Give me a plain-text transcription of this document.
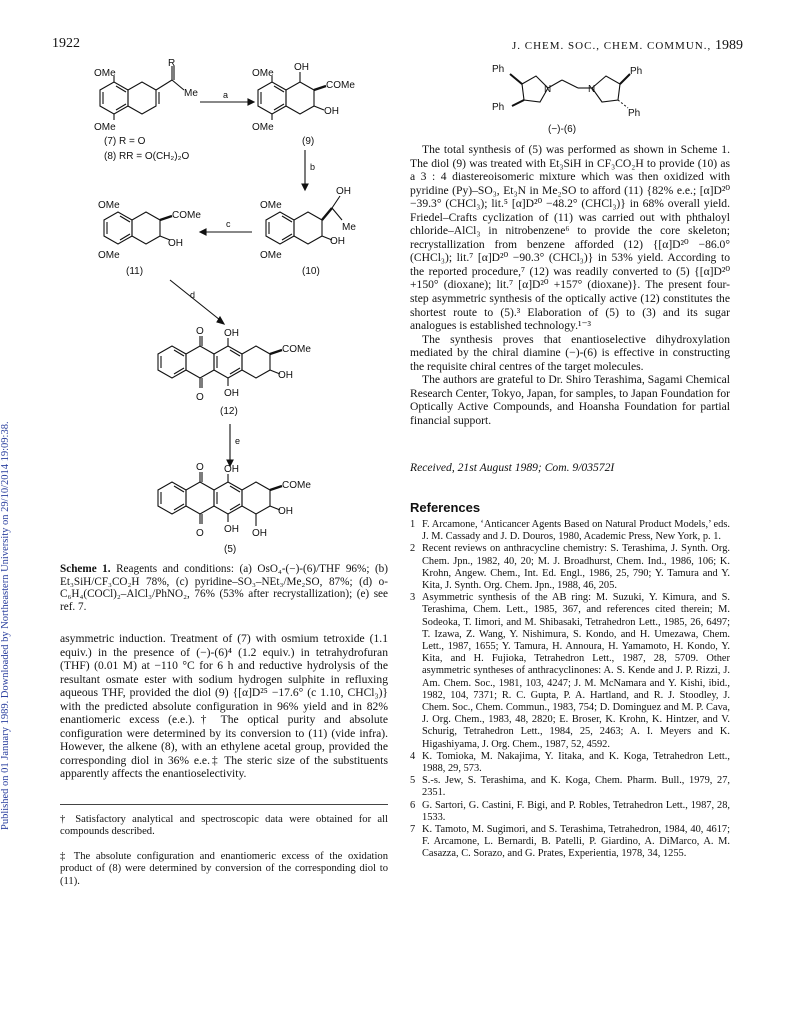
1922	J. CHEM. SOC., CHEM. COMMUN., 1989
Published on 01 January 1989. Downloaded by Northeastern University on 29/10/2014 19:09:38.
R
Me
OMe
OMe
(7) R = O
(8) RR = O(CH₂)₂O
a
OH
COMe
OH
OMe
OMe
(9)
b
OH
Me
OH
OMe
OMe
(10)
c
COMe
OH
OMe
OMe
(11)
d
O
O
OH
OH
COMe
OH
(12)
e
O
O
OH
OH OH
COMe
OH
(5)
Scheme 1. Reagents and conditions: (a) OsO₄-(−)-(6)/THF 96%; (b) Et₃SiH/CF₃CO₂H 78%, (c) pyridine–SO₃–NEt₃/Me₂SO, 87%; (d) o-C₆H₄(COCl)₂–AlCl₃/PhNO₂, 76% (53% after recrystallization); (e) see ref. 7.

asymmetric induction. Treatment of (7) with osmium tetroxide (1.1 equiv.) in the presence of (−)-(6)⁴ (1.2 equiv.) in tetrahydrofuran (THF) (0.01 M) at −110 °C for 6 h and reductive hydrolysis of the resultant osmate ester with sodium hydrogen sulphite in refluxing aqueous THF, provided the diol (9) {[α]D²⁵ −17.6° (c 1.10, CHCl₃)} with the predicted absolute configuration in 96% yield and in 82% enantiomeric excess (e.e.).† The optical purity and absolute configuration were determined by its conversion to (11) (vide infra). However, the alkene (8), with an ethylene acetal group, provided the corresponding diol in 36% e.e.‡ The steric size of the substituents apparently affects the enantioselectivity.

† Satisfactory analytical and spectroscopic data were obtained for all compounds described.
‡ The absolute configuration and enantiomeric excess of the oxidation product of (8) were determined by conversion of the corresponding diol to (11).
Ph
Ph
Ph
Ph
N	N
(−)-(6)

The total synthesis of (5) was performed as shown in Scheme 1. The diol (9) was treated with Et₃SiH in CF₃CO₂H to provide (10) as a 3 : 4 diastereoisomeric mixture which was then oxidized with pyridine (Py)–SO₃, Et₃N in Me₂SO to afford (11) {82% e.e.; [α]D²⁰ −39.3° (CHCl₃); lit.⁵ [α]D²⁰ −48.2° (CHCl₃)} in 68% overall yield. Friedel–Crafts cyclization of (11) was carried out with phthaloyl chloride–AlCl₃ in nitrobenzene⁶ to provide the core skeleton; recrystallization from benzene afforded (12) {[α]D²⁰ −86.0° (CHCl₃); lit.⁷ [α]D²⁰ −90.3° (CHCl₃)} in 53% yield. According to the reported procedure,⁷ (12) was readily converted to (5) {[α]D²⁰ +150° (dioxane); lit.⁷ [α]D²⁰ +157° (dioxane)}. The present four-step asymmetric synthesis of the optically active (12) constitutes the shortest route to (5).³ Elaboration of (5) to (3) and its sugar analogues is established technology.¹⁻³

The synthesis proves that enantioselective dihydroxylation mediated by the chiral diamine (−)-(6) is effective in constructing the requisite chiral centres of the target molecules.

The authors are grateful to Dr. Shiro Terashima, Sagami Chemical Research Center, Tokyo, Japan, for samples, to Japan Foundation for Optically Active Compounds, and Hoansha Foundation for partial financial support.

Received, 21st August 1989; Com. 9/03572I
References
1 F. Arcamone, ‘Anticancer Agents Based on Natural Product Models,’ eds. J. M. Cassady and J. D. Douros, 1980, Academic Press, New York, p. 1.
2 Recent reviews on anthracycline chemistry: S. Terashima, J. Synth. Org. Chem. Jpn., 1982, 40, 20; M. J. Broadhurst, Chem. Ind., 1986, 106; K. Krohn, Angew. Chem., Int. Ed. Engl., 1986, 25, 790; Y. Tamura and Y. Kita, J. Synth. Org. Chem. Jpn., 1988, 46, 205.
3 Asymmetric synthesis of the AB ring: M. Suzuki, Y. Kimura, and S. Terashima, Chem. Lett., 1985, 367, and references cited therein; M. Sodeoka, T. Iimori, and M. Shibasaki, Tetrahedron Lett., 1985, 26, 6497; T. Izawa, Z. Wang, Y. Nishimura, S. Kondo, and H. Umezawa, Chem. Lett., 1987, 1655; Y. Tamura, H. Annoura, H. Yamamoto, H. Kondo, Y. Kita, and H. Fujioka, Tetrahedron Lett., 1987, 28, 5709. Other asymmetric syntheses of anthracyclinones: A. S. Kende and J. P. Rizzi, J. Am. Chem. Soc., 1981, 103, 4247; J. M. McNamara and Y. Kishi, ibid., 1982, 104, 7371; R. C. Gupta, P. A. Hartland, and R. J. Stoodley, J. Chem. Soc., Chem. Commun., 1983, 754; D. Dominguez and M. P. Cava, J. Org. Chem., 1983, 48, 2820; E. Broser, K. Krohn, K. Hintzer, and V. Schurig, Tetrahedron Lett., 1984, 25, 2463; A. I. Meyers and K. Higashiyama, J. Org. Chem., 1987, 52, 4592.
4 K. Tomioka, M. Nakajima, Y. Iitaka, and K. Koga, Tetrahedron Lett., 1988, 29, 573.
5 S.-s. Jew, S. Terashima, and K. Koga, Chem. Pharm. Bull., 1979, 27, 2351.
6 G. Sartori, G. Castini, F. Bigi, and P. Robles, Tetrahedron Lett., 1987, 28, 1533.
7 K. Tamoto, M. Sugimori, and S. Terashima, Tetrahedron, 1984, 40, 4617; F. Arcamone, L. Bernardi, B. Patelli, P. Giardino, A. DiMarco, A. M. Casazza, C. Sorazo, and G. Prates, Experientia, 1978, 34, 1255.
